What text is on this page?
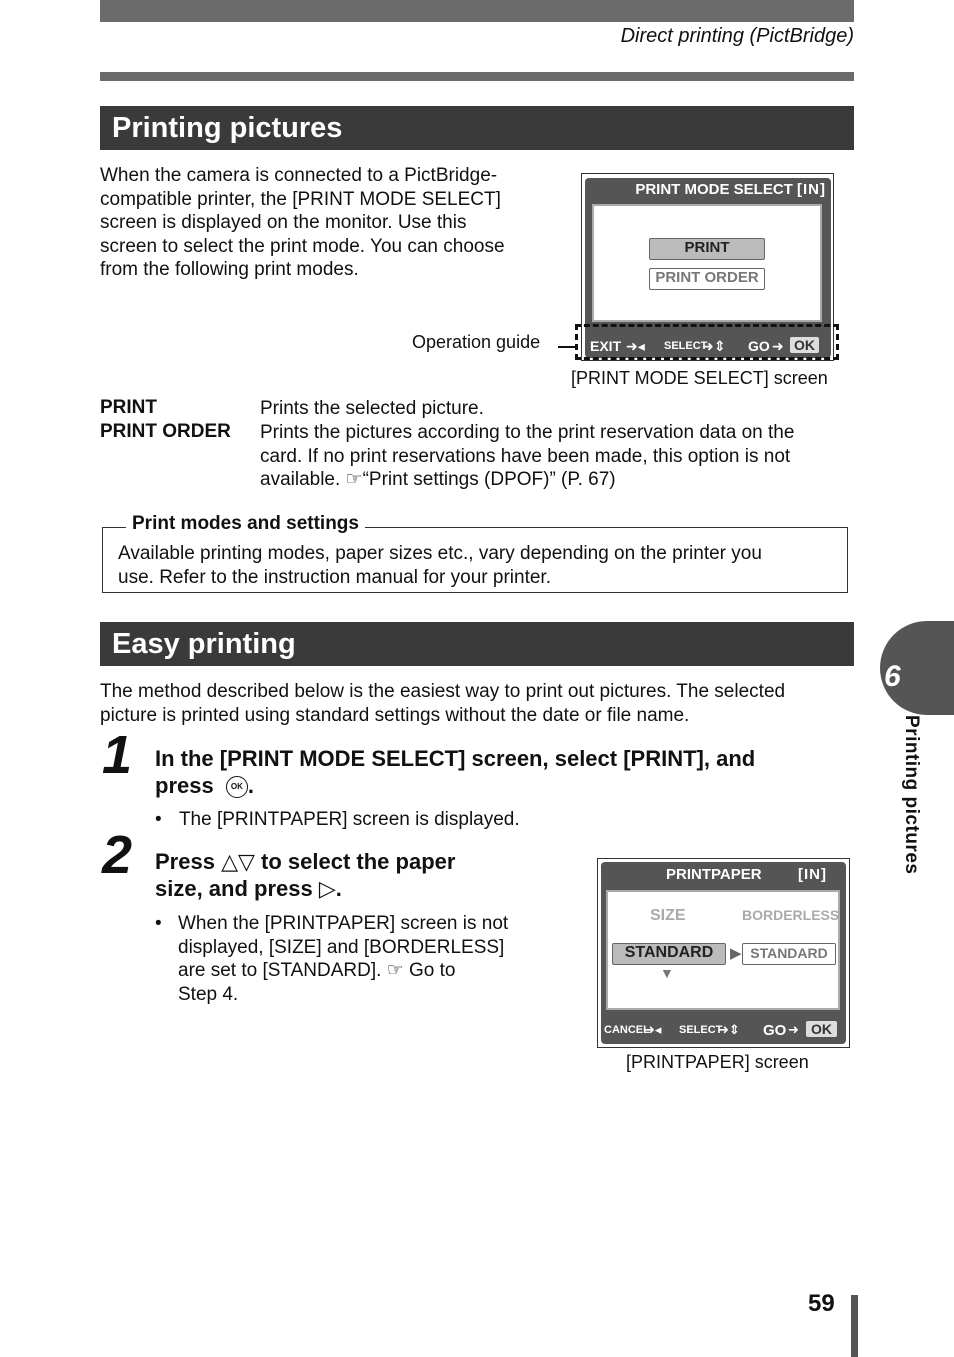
Direct printing (PictBridge)
Printing pictures
When the camera is connected to a PictBridge-
compatible printer, the [PRINT MODE SELECT]
screen is displayed on the monitor. Use this
screen to select the print mode. You can choose
from the following print modes.
PRINT MODE SELECT [IN]
PRINT
PRINT ORDER
EXIT ➜◂ SELECT
➜⇕ GO ➜ OK
Operation guide
[PRINT MODE SELECT] screen
PRINT	Prints the selected picture.
PRINT ORDER Prints the pictures according to the print reservation data on the
card. If no print reservations have been made, this option is not
available. ☞“Print settings (DPOF)” (P. 67)
Print modes and settings
Available printing modes, paper sizes etc., vary depending on the printer you
use. Refer to the instruction manual for your printer.
Easy printing
The method described below is the easiest way to print out pictures. The selected
picture is printed using standard settings without the date or file name.
1 In the [PRINT MODE SELECT] screen, select [PRINT], and
press OK .
• The [PRINTPAPER] screen is displayed.
2 Press △▽ to select the paper
size, and press ▷.
• When the [PRINTPAPER] screen is not
displayed, [SIZE] and [BORDERLESS]
are set to [STANDARD]. ☞ Go to
Step 4.
PRINTPAPER [IN]
SIZE	BORDERLESS
STANDARD	▶ STANDARD
▼
CANCEL
➜◂ SELECT
➜⇕ GO ➜ OK
[PRINTPAPER] screen
6
Printing pictures
59
